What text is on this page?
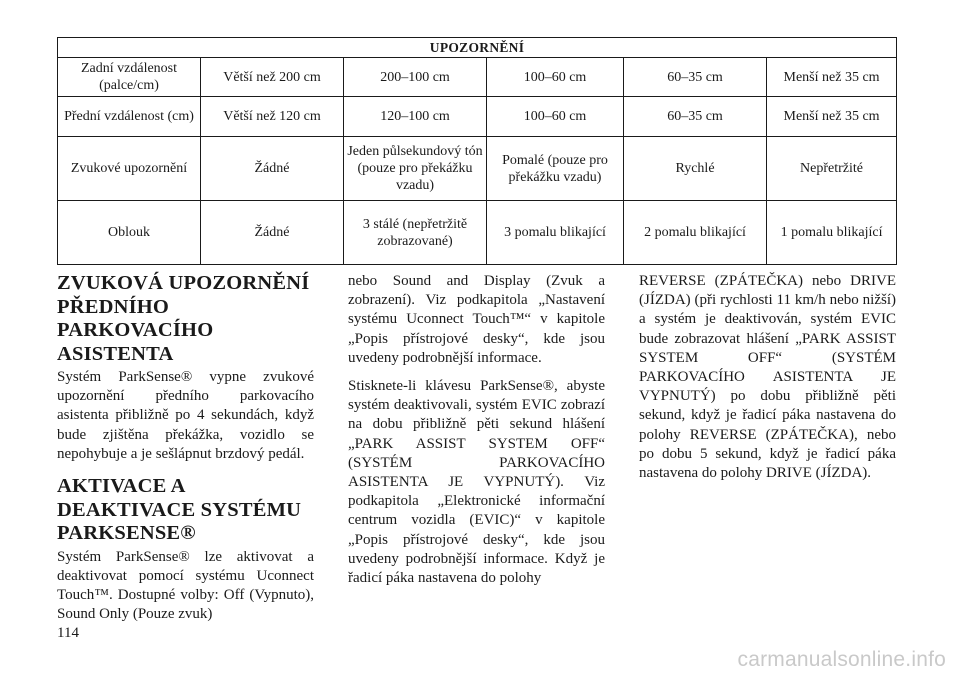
UPOZORNĚNÍ					
Zadní vzdálenost (palce/cm)	Větší než 200 cm	200–100 cm	100–60 cm	60–35 cm	Menší než 35 cm
Přední vzdálenost (cm)	Větší než 120 cm	120–100 cm	100–60 cm	60–35 cm	Menší než 35 cm
Zvukové upozornění	Žádné	Jeden půlsekundový tón (pouze pro překážku vzadu)	Pomalé (pouze pro překážku vzadu)	Rychlé	Nepřetržité
Oblouk	Žádné	3 stálé (nepřetržitě zobrazované)	3 pomalu blikající	2 pomalu blikající	1 pomalu blikající
ZVUKOVÁ UPOZORNĚNÍ PŘEDNÍHO PARKOVACÍHO ASISTENTA

Systém ParkSense® vypne zvukové upozornění předního parkovacího asistenta přibližně po 4 sekundách, když bude zjištěna překážka, vozidlo se nepohybuje a je sešlápnut brzdový pedál.

AKTIVACE A DEAKTIVACE SYSTÉMU PARKSENSE®

Systém ParkSense® lze aktivovat a deaktivovat pomocí systému Uconnect Touch™. Dostupné volby: Off (Vypnuto), Sound Only (Pouze zvuk)

nebo Sound and Display (Zvuk a zobrazení). Viz podkapitola „Nastavení systému Uconnect Touch™“ v kapitole „Popis přístrojové desky“, kde jsou uvedeny podrobnější informace.

Stisknete-li klávesu ParkSense®, abyste systém deaktivovali, systém EVIC zobrazí na dobu přibližně pěti sekund hlášení „PARK ASSIST SYSTEM OFF“ (SYSTÉM PARKOVACÍHO ASISTENTA JE VYPNUTÝ). Viz podkapitola „Elektronické informační centrum vozidla (EVIC)“ v kapitole „Popis přístrojové desky“, kde jsou uvedeny podrobnější informace. Když je řadicí páka nastavena do polohy

REVERSE (ZPÁTEČKA) nebo DRIVE (JÍZDA) (při rychlosti 11 km/h nebo nižší) a systém je deaktivován, systém EVIC bude zobrazovat hlášení „PARK ASSIST SYSTEM OFF“ (SYSTÉM PARKOVACÍHO ASISTENTA JE VYPNUTÝ) po dobu přibližně pěti sekund, když je řadicí páka nastavena do polohy REVERSE (ZPÁTEČKA), nebo po dobu 5 sekund, když je řadicí páka nastavena do polohy DRIVE (JÍZDA).

114
carmanualsonline.info
